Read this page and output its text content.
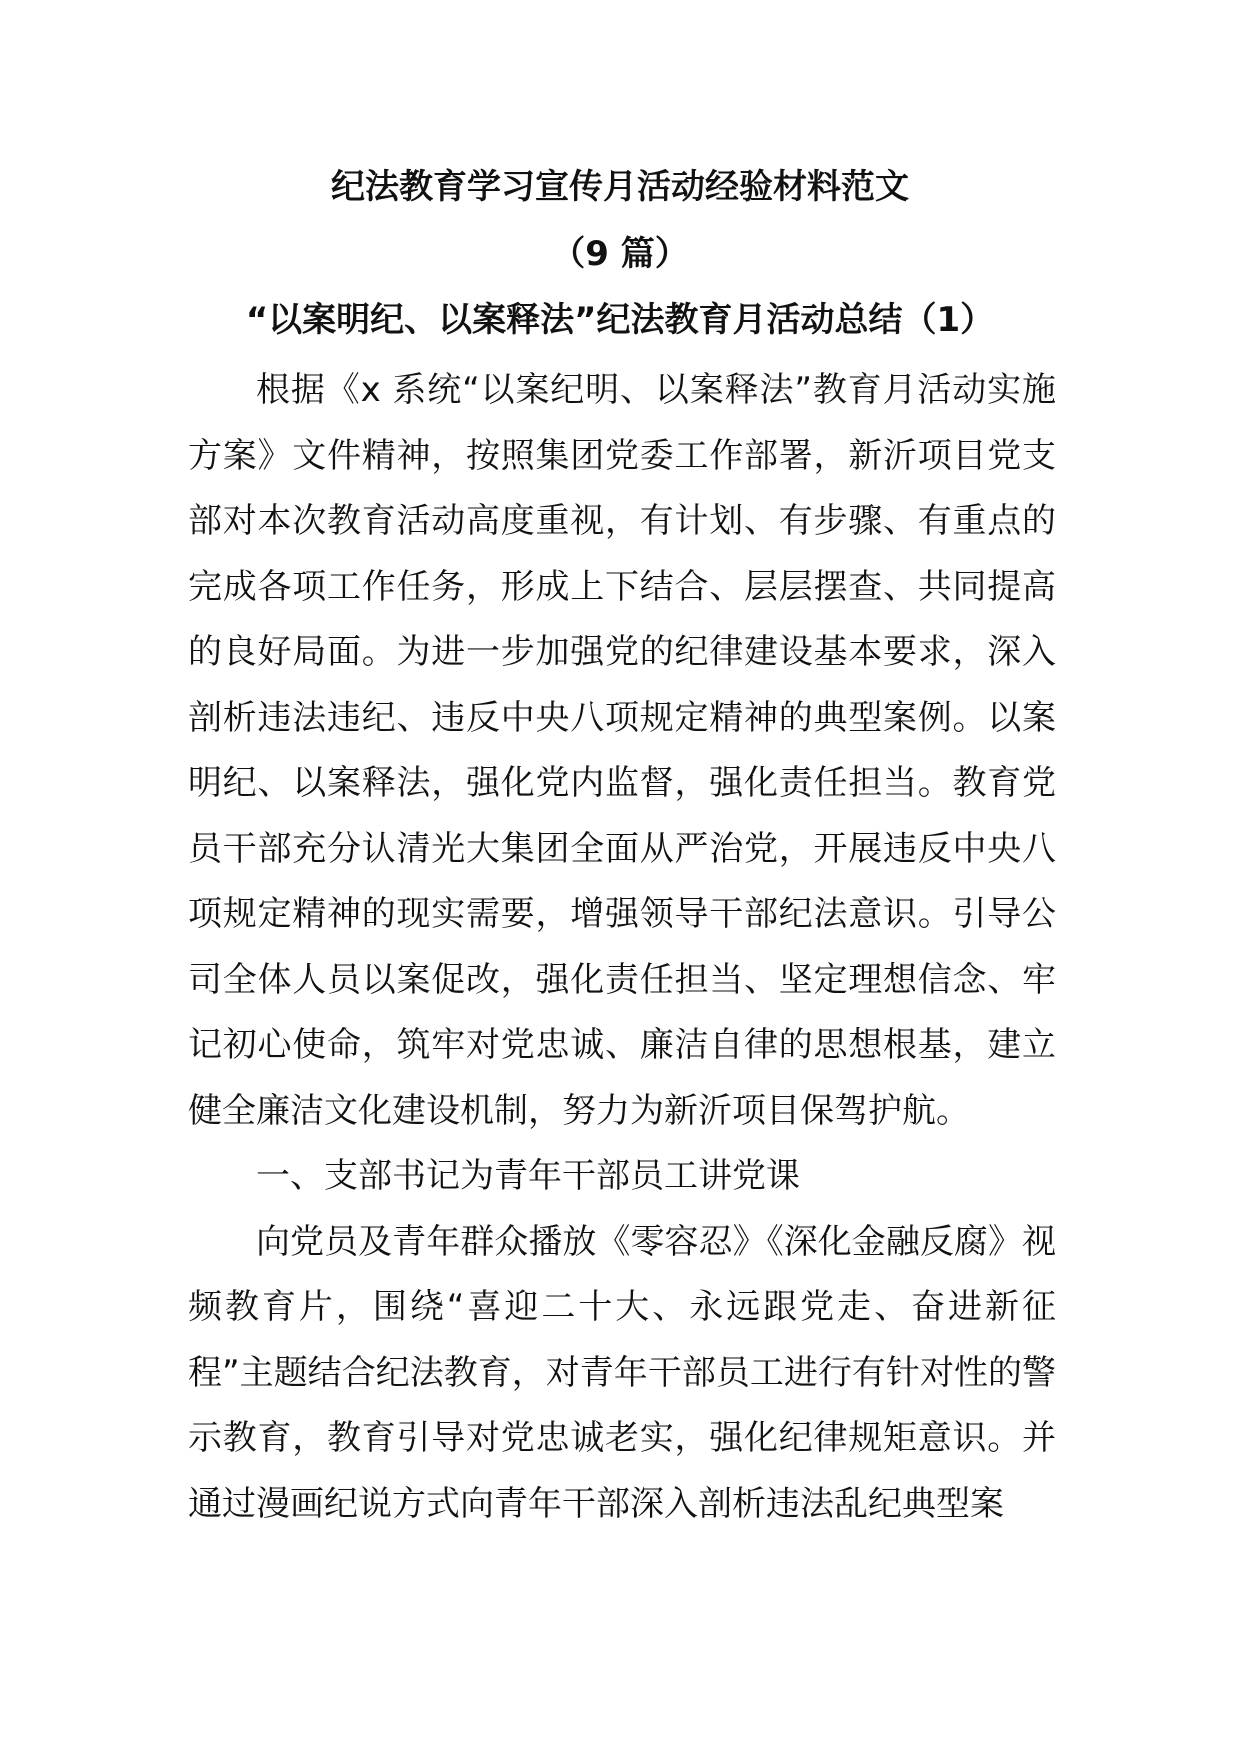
纪法教育学习宣传月活动经验材料范文
（9 篇）
“以案明纪、以案释法”纪法教育月活动总结（1）

根据《x 系统“以案纪明、以案释法”教育月活动实施方案》文件精神，按照集团党委工作部署，新沂项目党支部对本次教育活动高度重视，有计划、有步骤、有重点的完成各项工作任务，形成上下结合、层层摆查、共同提高的良好局面。为进一步加强党的纪律建设基本要求，深入剖析违法违纪、违反中央八项规定精神的典型案例。以案明纪、以案释法，强化党内监督，强化责任担当。教育党员干部充分认清光大集团全面从严治党，开展违反中央八项规定精神的现实需要，增强领导干部纪法意识。引导公司全体人员以案促改，强化责任担当、坚定理想信念、牢记初心使命，筑牢对党忠诚、廉洁自律的思想根基，建立健全廉洁文化建设机制，努力为新沂项目保驾护航。

一、支部书记为青年干部员工讲党课

向党员及青年群众播放《零容忍》《深化金融反腐》视频教育片，围绕“喜迎二十大、永远跟党走、奋进新征程”主题结合纪法教育，对青年干部员工进行有针对性的警示教育，教育引导对党忠诚老实，强化纪律规矩意识。并通过漫画纪说方式向青年干部深入剖析违法乱纪典型案
